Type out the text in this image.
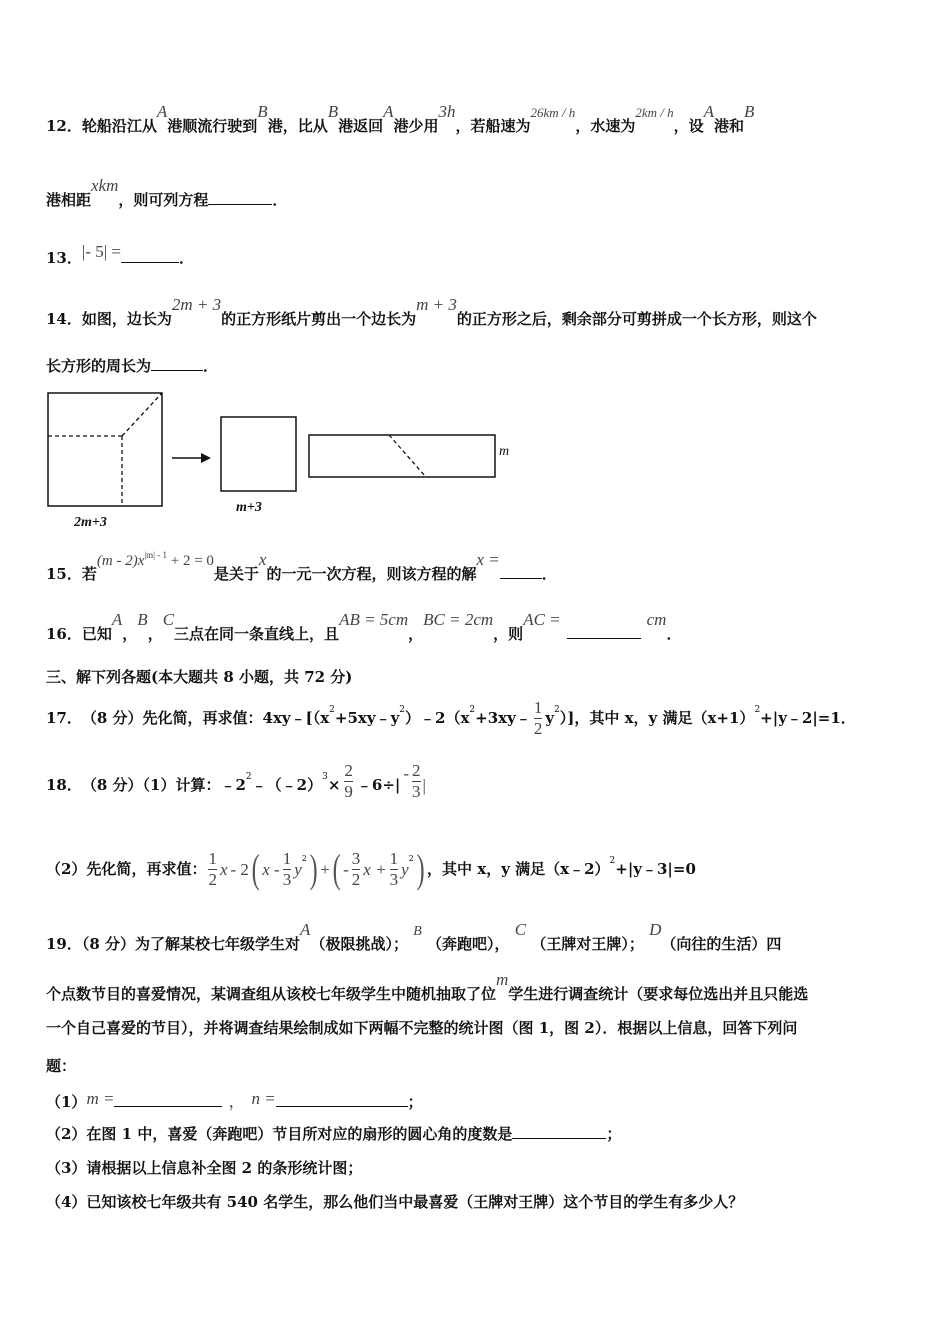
12．轮船沿江从A港顺流行驶到B港，比从B港返回A港少用3h，若船速为26km / h，水速为2km / h，设A港和B
港相距xkm，则可列方程	．
13．|- 5| =	．
14．如图，边长为2m + 3的正方形纸片剪出一个边长为m + 3的正方形之后，剩余部分可剪拼成一个长方形，则这个
长方形的周长为	．
2m+3
m+3
m
15．若$(m - 2)x^{|m| - 1} + 2 = 0$是关于x的一元一次方程，则该方程的解x =．
16．已知A，B，C三点在同一条直线上，且AB = 5cm，BC = 2cm，则AC =	cm．
三、解下列各题(本大题共 8 小题，共 72 分)
17． （8 分）先化简，再求值：4xy﹣[（x 2 +5xy﹣y 2 ）﹣2（x 2 +3xy﹣ $\frac{1}{2}$ y 2 ）]，其中 x，y 满足（x+1） 2 +|y﹣2|=1．
18． （8 分）（1）计算：﹣2 2 ﹣（﹣2） $3 \times \frac{2}{9}$ ﹣6÷|
- $\frac{2}{3}$ |
（2）先化简，再求值： $\frac{1}{2}$ x - 2 ( x - $\frac{1}{3}$ y
2 ) + ( - $\frac{3}{2}$ $x + \frac{1}{3}$ y
2 ) ，其中 x，y 满足（x﹣2） 2 +|y﹣3|=0
19．（8 分）为了解某校七年级学生对A（极限挑战）； B （奔跑吧）， C （王牌对王牌）； D（向往的生活）四
个点数节目的喜爱情况，某调查组从该校七年级学生中随机抽取了位m学生进行调查统计（要求每位选出并且只能选
一个自己喜爱的节目），并将调查结果绘制成如下两幅不完整的统计图（图 1，图 2）．根据以上信息，回答下列问
题：
（1）m =	， n =	；
（2）在图 1 中，喜爱（奔跑吧）节目所对应的扇形的圆心角的度数是	；
（3）请根据以上信息补全图 2 的条形统计图；
（4）已知该校七年级共有 540 名学生，那么他们当中最喜爱（王牌对王牌）这个节目的学生有多少人？
